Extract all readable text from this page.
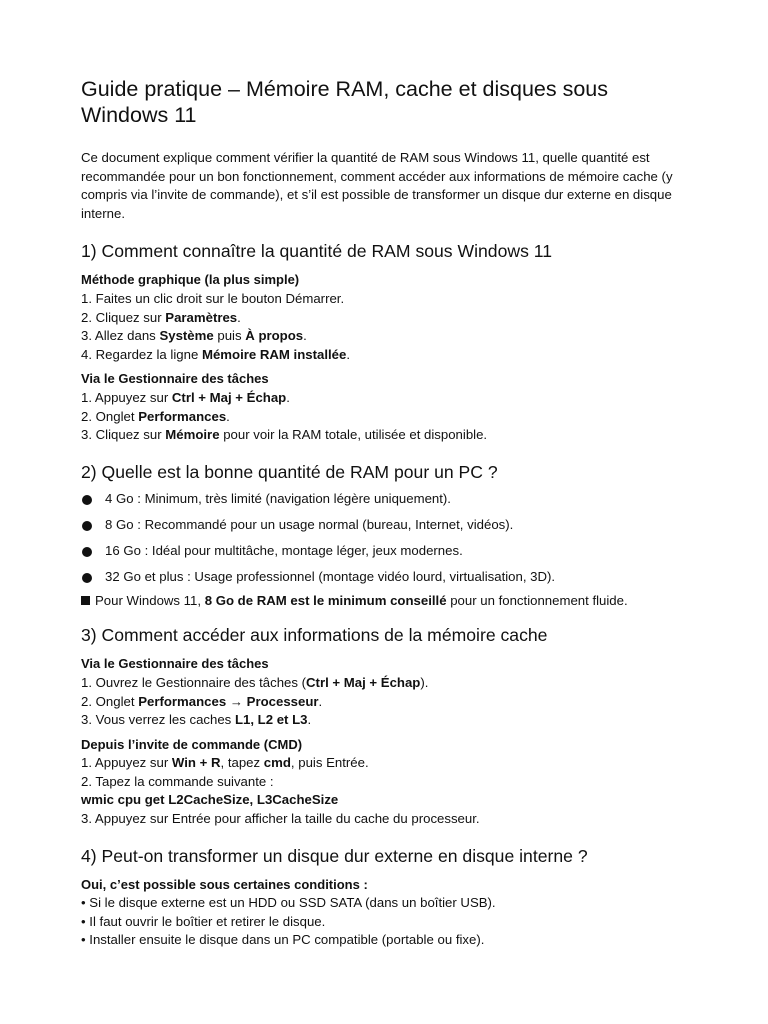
Guide pratique – Mémoire RAM, cache et disques sous Windows 11

Ce document explique comment vérifier la quantité de RAM sous Windows 11, quelle quantité est recommandée pour un bon fonctionnement, comment accéder aux informations de mémoire cache (y compris via l’invite de commande), et s’il est possible de transformer un disque dur externe en disque interne.

1) Comment connaître la quantité de RAM sous Windows 11

Méthode graphique (la plus simple)

1. Faites un clic droit sur le bouton Démarrer.

2. Cliquez sur Paramètres.

3. Allez dans Système puis À propos.

4. Regardez la ligne Mémoire RAM installée.

Via le Gestionnaire des tâches

1. Appuyez sur Ctrl + Maj + Échap.

2. Onglet Performances.

3. Cliquez sur Mémoire pour voir la RAM totale, utilisée et disponible.

2) Quelle est la bonne quantité de RAM pour un PC ?
4 Go : Minimum, très limité (navigation légère uniquement).
8 Go : Recommandé pour un usage normal (bureau, Internet, vidéos).
16 Go : Idéal pour multitâche, montage léger, jeux modernes.
32 Go et plus : Usage professionnel (montage vidéo lourd, virtualisation, 3D).

Pour Windows 11, 8 Go de RAM est le minimum conseillé pour un fonctionnement fluide.

3) Comment accéder aux informations de la mémoire cache

Via le Gestionnaire des tâches

1. Ouvrez le Gestionnaire des tâches (Ctrl + Maj + Échap).

2. Onglet Performances → Processeur.

3. Vous verrez les caches L1, L2 et L3.

Depuis l’invite de commande (CMD)

1. Appuyez sur Win + R, tapez cmd, puis Entrée.

2. Tapez la commande suivante :

wmic cpu get L2CacheSize, L3CacheSize

3. Appuyez sur Entrée pour afficher la taille du cache du processeur.

4) Peut-on transformer un disque dur externe en disque interne ?

Oui, c’est possible sous certaines conditions :

• Si le disque externe est un HDD ou SSD SATA (dans un boîtier USB).

• Il faut ouvrir le boîtier et retirer le disque.

• Installer ensuite le disque dans un PC compatible (portable ou fixe).
